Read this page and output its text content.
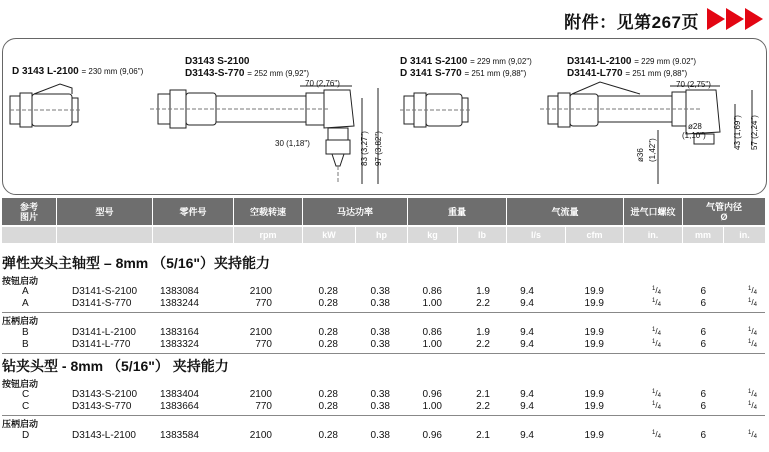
附件：见第267页
D 3143 L-2100 = 230 mm (9,06")
D3143 S-2100
D3143-S-770 = 252 mm (9,92")
70 (2,76")
30 (1,18")	83 (3,27") 97 (3,82")
D 3141 S-2100 = 229 mm (9,02")
D 3141 S-770 = 251 mm (9,88")
D3141-L-2100 = 229 mm (9.02")
D3141-L770 = 251 mm (9,88")
70 (2,75")
ø36 (1,42")
ø28
(1,10")	43 (1,69") 57 (2,24")
参考
图片	型号	零件号	空载转速	马达功率	重量	气流量	进气口螺纹	气管内径
Ø
rpm	kW	hp	kg	lb	l/s	cfm	in.	mm	in.
弹性夹头主轴型 – 8mm （5/16"）夹持能力
按钮启动
A	D3141-S-2100 1383084	2100	0.28	0.38	0.86	1.9	9.4	19.9	$^1/_4$	6	$^1/_4$
A	D3141-S-770	1383244	770	0.28	0.38	1.00	2.2	9.4	19.9	$^1/_4$	6	$^1/_4$
压柄启动
B	D3141-L-2100 1383164	2100	0.28	0.38	0.86	1.9	9.4	19.9	$^1/_4$	6	$^1/_4$
B	D3141-L-770	1383324	770	0.28	0.38	1.00	2.2	9.4	19.9	$^1/_4$	6	$^1/_4$
钻夹头型 - 8mm （5/16"） 夹持能力
按钮启动
C	D3143-S-2100 1383404	2100	0.28	0.38	0.96	2.1	9.4	19.9	$^1/_4$	6	$^1/_4$
C	D3143-S-770	1383664	770	0.28	0.38	1.00	2.2	9.4	19.9	$^1/_4$	6	$^1/_4$
压柄启动
D	D3143-L-2100 1383584	2100	0.28	0.38	0.96	2.1	9.4	19.9	$^1/_4$	6	$^1/_4$
